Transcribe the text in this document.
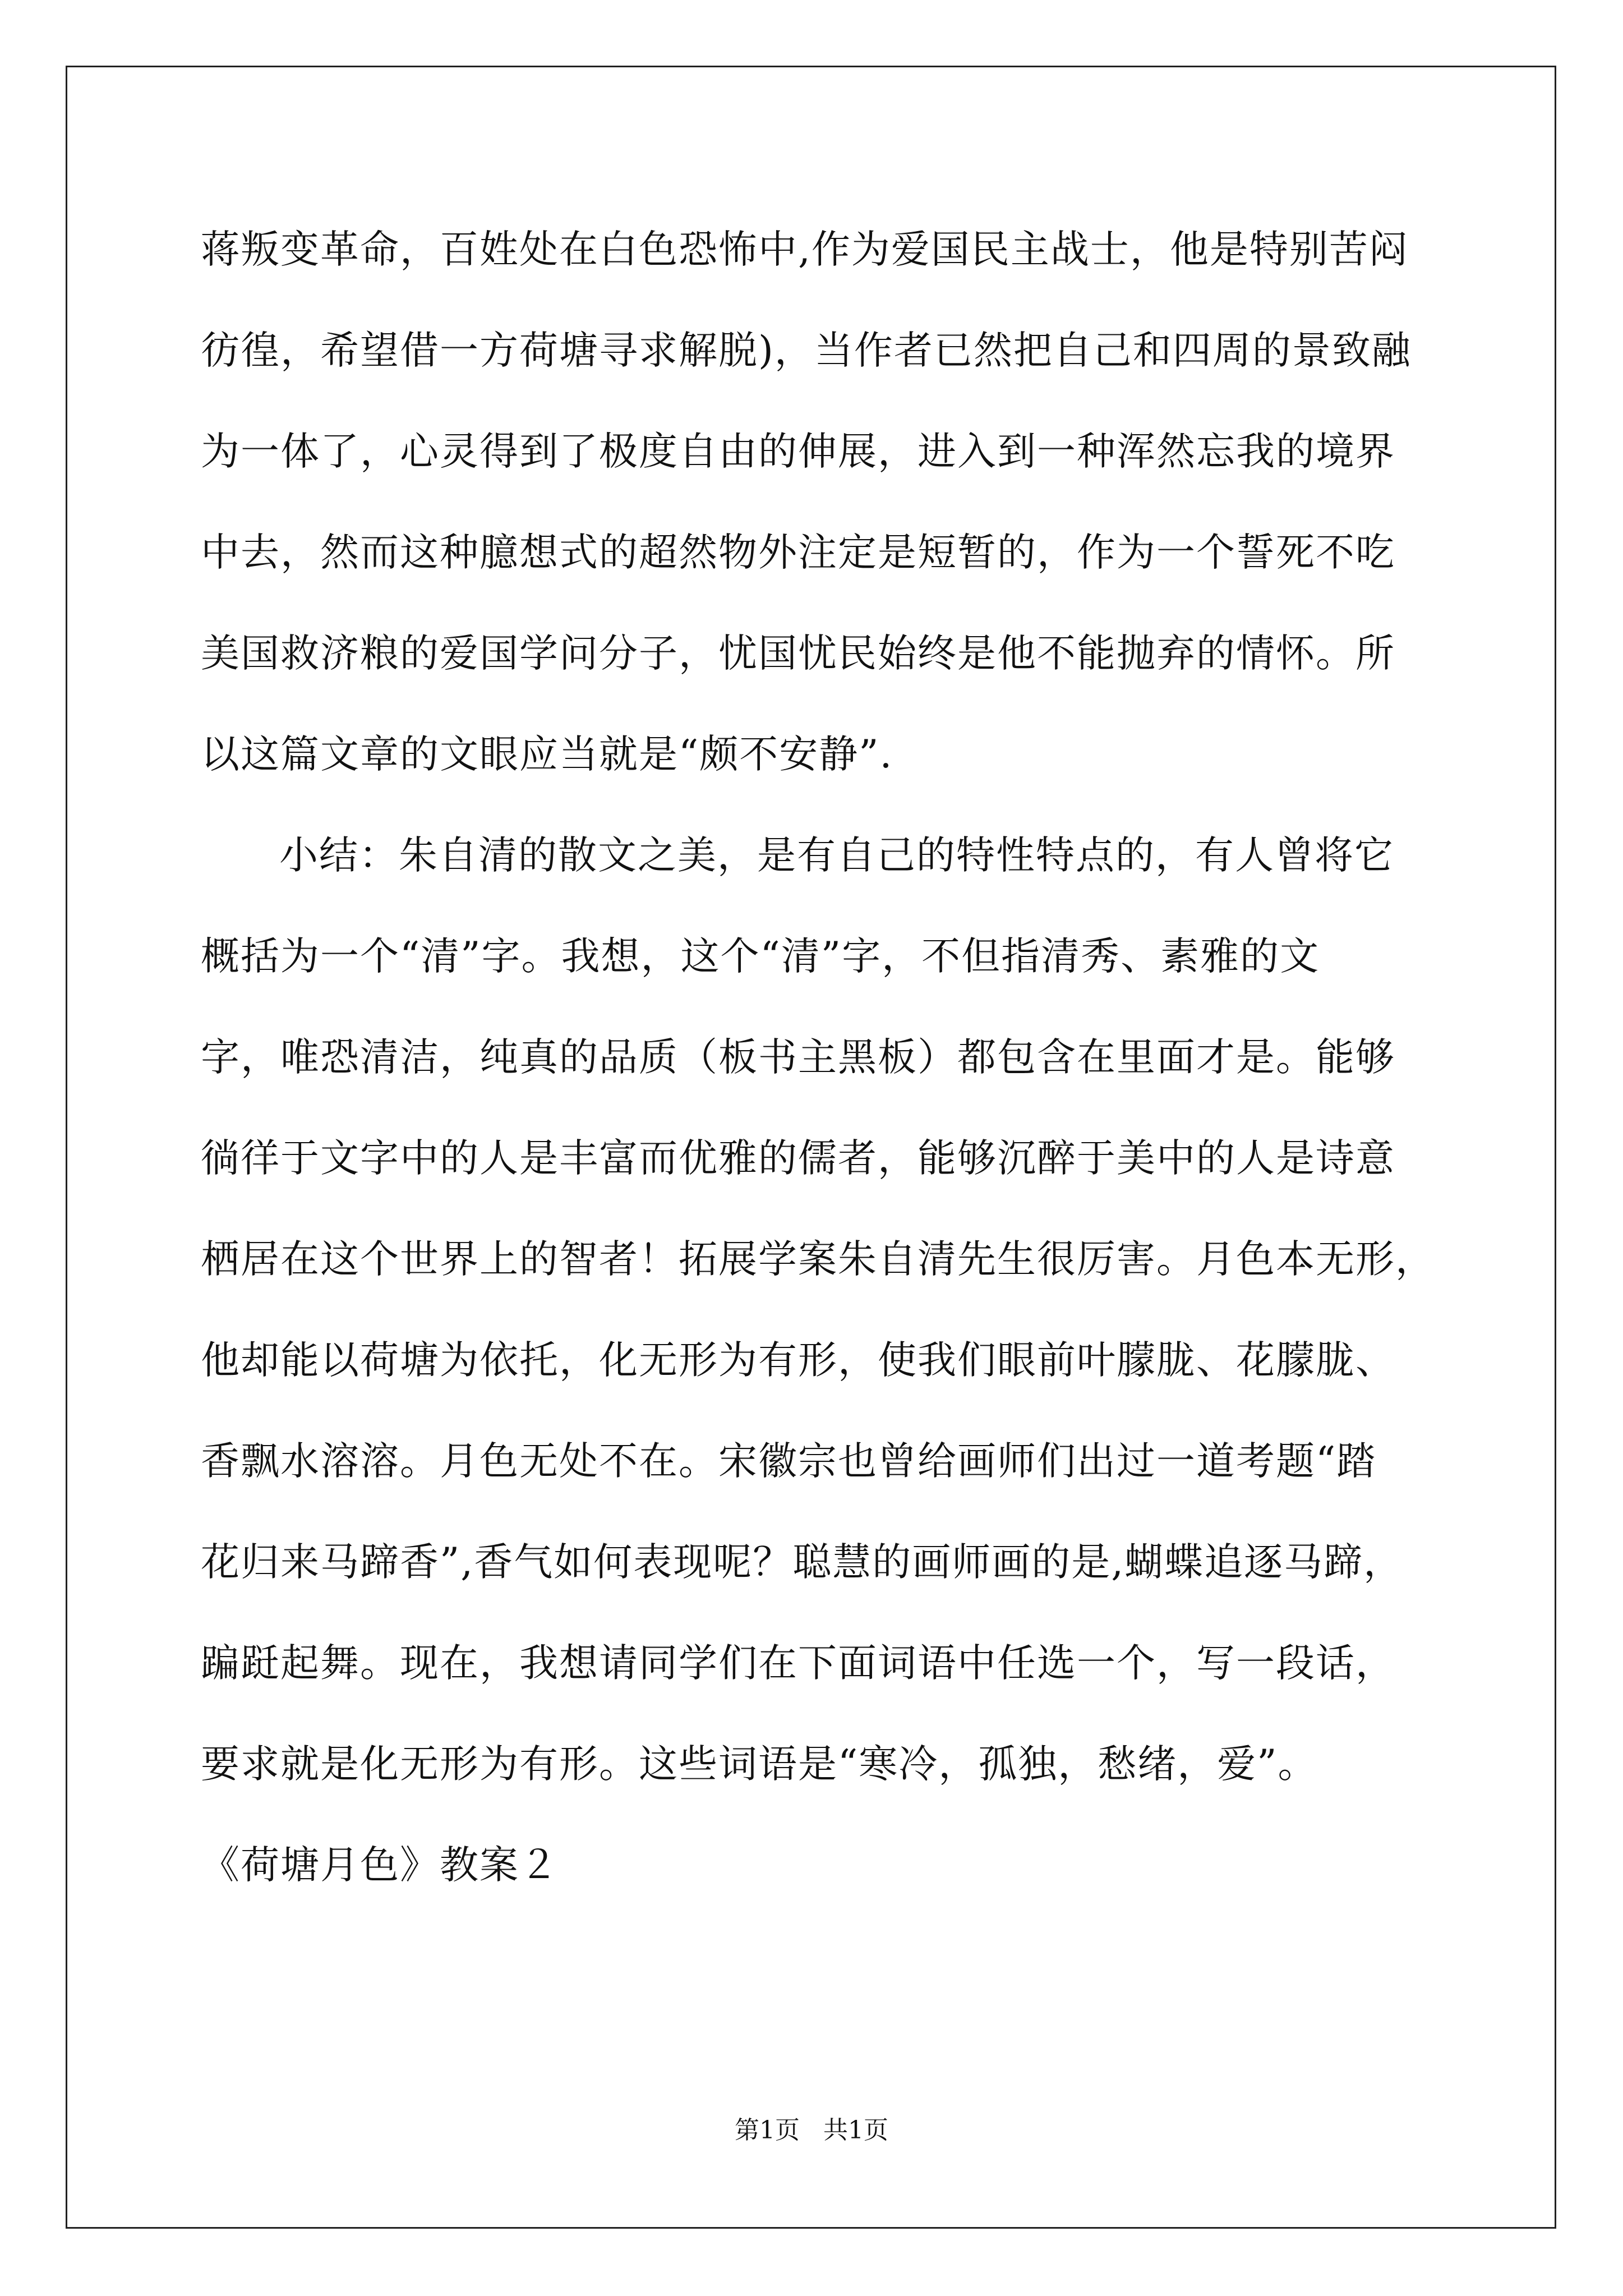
蒋叛变革命，百姓处在白色恐怖中,作为爱国民主战士，他是特别苦闷
彷徨，希望借一方荷塘寻求解脱)，当作者已然把自己和四周的景致融
为一体了，心灵得到了极度自由的伸展，进入到一种浑然忘我的境界
中去，然而这种臆想式的超然物外注定是短暂的，作为一个誓死不吃
美国救济粮的爱国学问分子，忧国忧民始终是他不能抛弃的情怀。所
以这篇文章的文眼应当就是“颇不安静”.
小结：朱自清的散文之美，是有自己的特性特点的，有人曾将它
概括为一个“清”字。我想，这个“清”字，不但指清秀、素雅的文
字，唯恐清洁，纯真的品质（板书主黑板）都包含在里面才是。能够
徜徉于文字中的人是丰富而优雅的儒者，能够沉醉于美中的人是诗意
栖居在这个世界上的智者！拓展学案朱自清先生很厉害。月色本无形，
他却能以荷塘为依托，化无形为有形，使我们眼前叶朦胧、花朦胧、
香飘水溶溶。月色无处不在。宋徽宗也曾给画师们出过一道考题“踏
花归来马蹄香”,香气如何表现呢？聪慧的画师画的是,蝴蝶追逐马蹄，
蹁跹起舞。现在，我想请同学们在下面词语中任选一个，写一段话，
要求就是化无形为有形。这些词语是“寒冷，孤独，愁绪，爱”。
《荷塘月色》教案２
第1页   共1页
